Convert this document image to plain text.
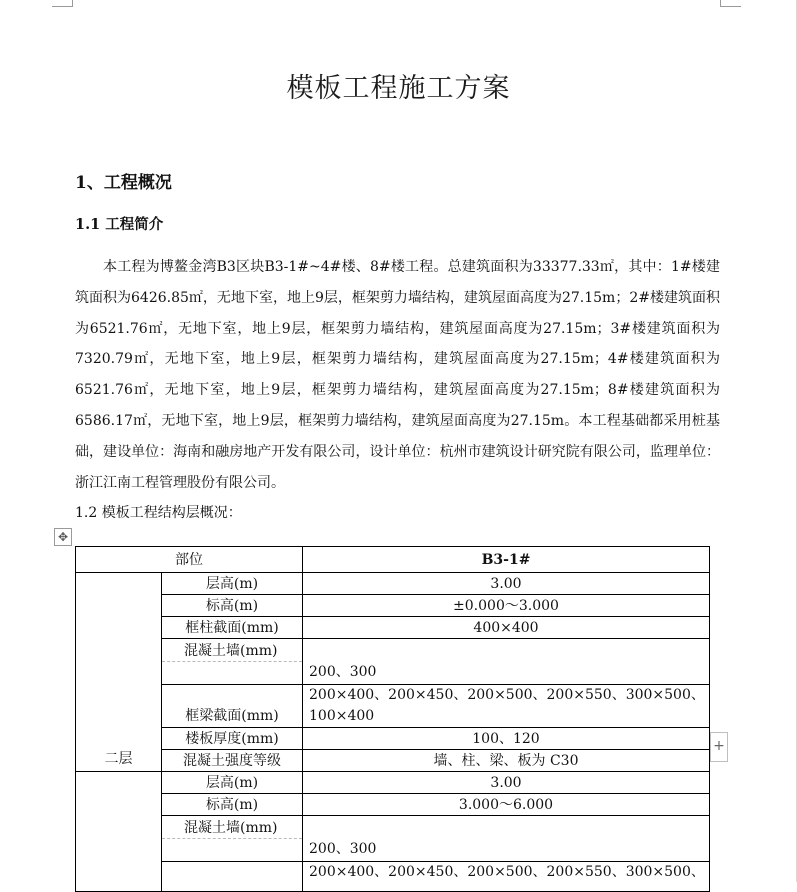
模板工程施工方案
1、工程概况
1.1 工程简介

本工程为博鳌金湾B3区块B3-1#~4#楼、8#楼工程。总建筑面积为33377.33㎡，其中：1#楼建筑面积为6426.85㎡，无地下室，地上9层，框架剪力墙结构，建筑屋面高度为27.15m；2#楼建筑面积为6521.76㎡，无地下室，地上9层，框架剪力墙结构，建筑屋面高度为27.15m；3#楼建筑面积为7320.79㎡，无地下室，地上9层，框架剪力墙结构，建筑屋面高度为27.15m；4#楼建筑面积为6521.76㎡，无地下室，地上9层，框架剪力墙结构，建筑屋面高度为27.15m；8#楼建筑面积为6586.17㎡，无地下室，地上9层，框架剪力墙结构，建筑屋面高度为27.15m。本工程基础都采用桩基础，建设单位：海南和融房地产开发有限公司，设计单位：杭州市建筑设计研究院有限公司，监理单位：浙江江南工程管理股份有限公司。

1.2 模板工程结构层概况：
✥
+
部位		B3-1#
二层	层高(m)	3.00
	标高(m)	±0.000～3.000
	框柱截面(mm)	400×400
	混凝土墙(mm)	200、300
	框梁截面(mm)	200×400、200×450、200×500、200×550、300×500、100×400
	楼板厚度(mm)	100、120
	混凝土强度等级	墙、柱、梁、板为 C30

	层高(m)	3.00
	标高(m)	3.000～6.000
	混凝土墙(mm)	200、300
		200×400、200×450、200×500、200×550、300×500、
